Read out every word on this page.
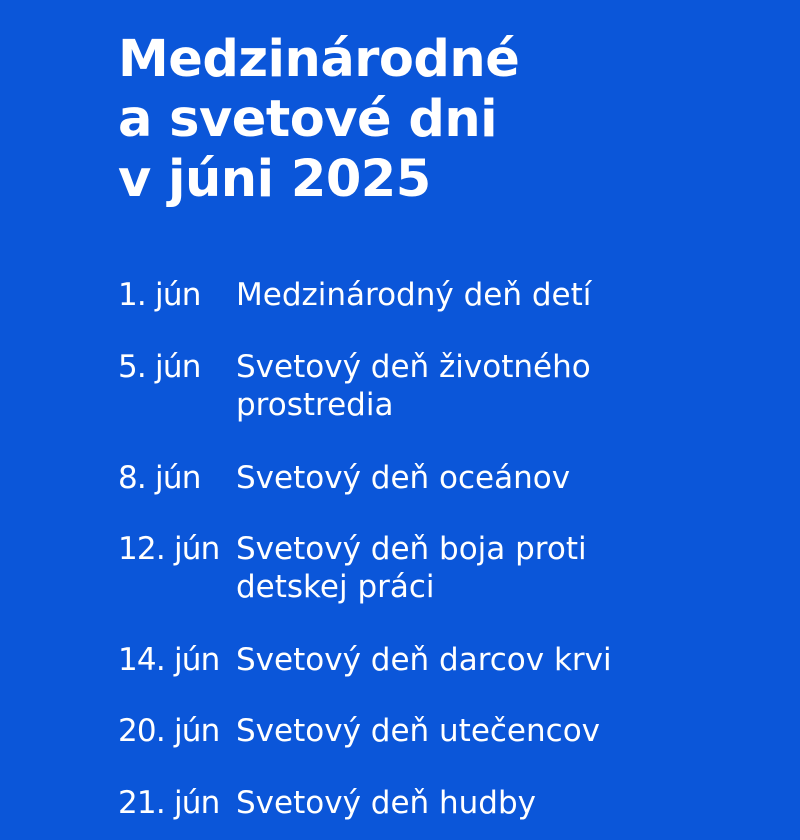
Medzinárodné
a svetové dni
v júni 2025
1. jún Medzinárodný deň detí
5. jún Svetový deň životného prostredia
8. jún Svetový deň oceánov
12. jún Svetový deň boja proti detskej práci
14. jún Svetový deň darcov krvi
20. jún Svetový deň utečencov
21. jún Svetový deň hudby
